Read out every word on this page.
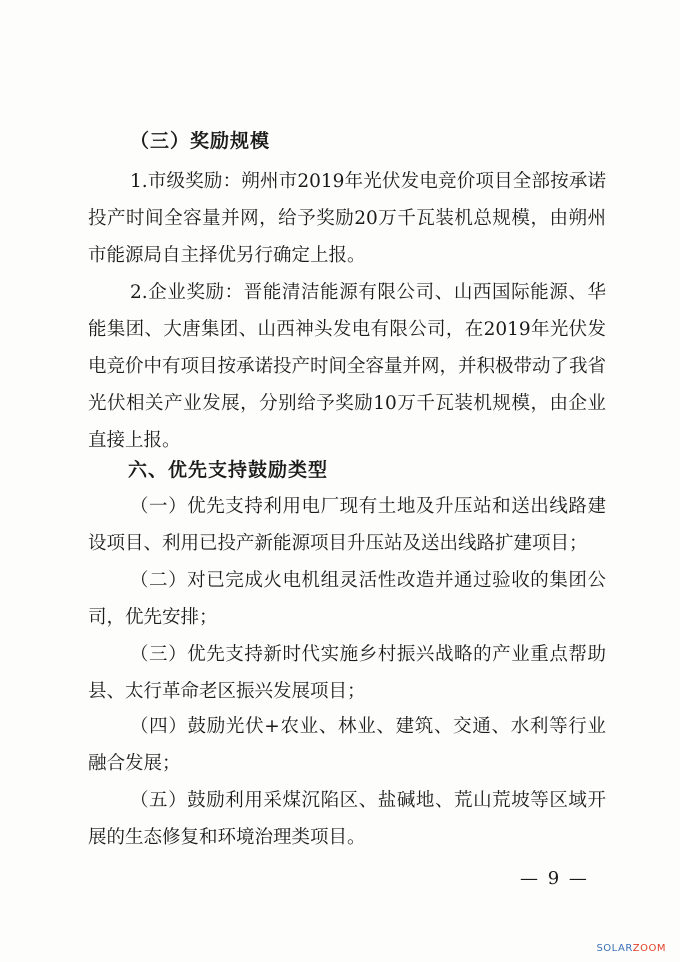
（三）奖励规模

1.市级奖励：朔州市2019年光伏发电竞价项目全部按承诺投产时间全容量并网，给予奖励20万千瓦装机总规模，由朔州市能源局自主择优另行确定上报。

2.企业奖励：晋能清洁能源有限公司、山西国际能源、华能集团、大唐集团、山西神头发电有限公司，在2019年光伏发电竞价中有项目按承诺投产时间全容量并网，并积极带动了我省光伏相关产业发展，分别给予奖励10万千瓦装机规模，由企业直接上报。

六、优先支持鼓励类型

（一）优先支持利用电厂现有土地及升压站和送出线路建设项目、利用已投产新能源项目升压站及送出线路扩建项目；

（二）对已完成火电机组灵活性改造并通过验收的集团公司，优先安排；

（三）优先支持新时代实施乡村振兴战略的产业重点帮助县、太行革命老区振兴发展项目；

（四）鼓励光伏+农业、林业、建筑、交通、水利等行业融合发展；

（五）鼓励利用采煤沉陷区、盐碱地、荒山荒坡等区域开展的生态修复和环境治理类项目。

— 9 —
SOLARZOOM
